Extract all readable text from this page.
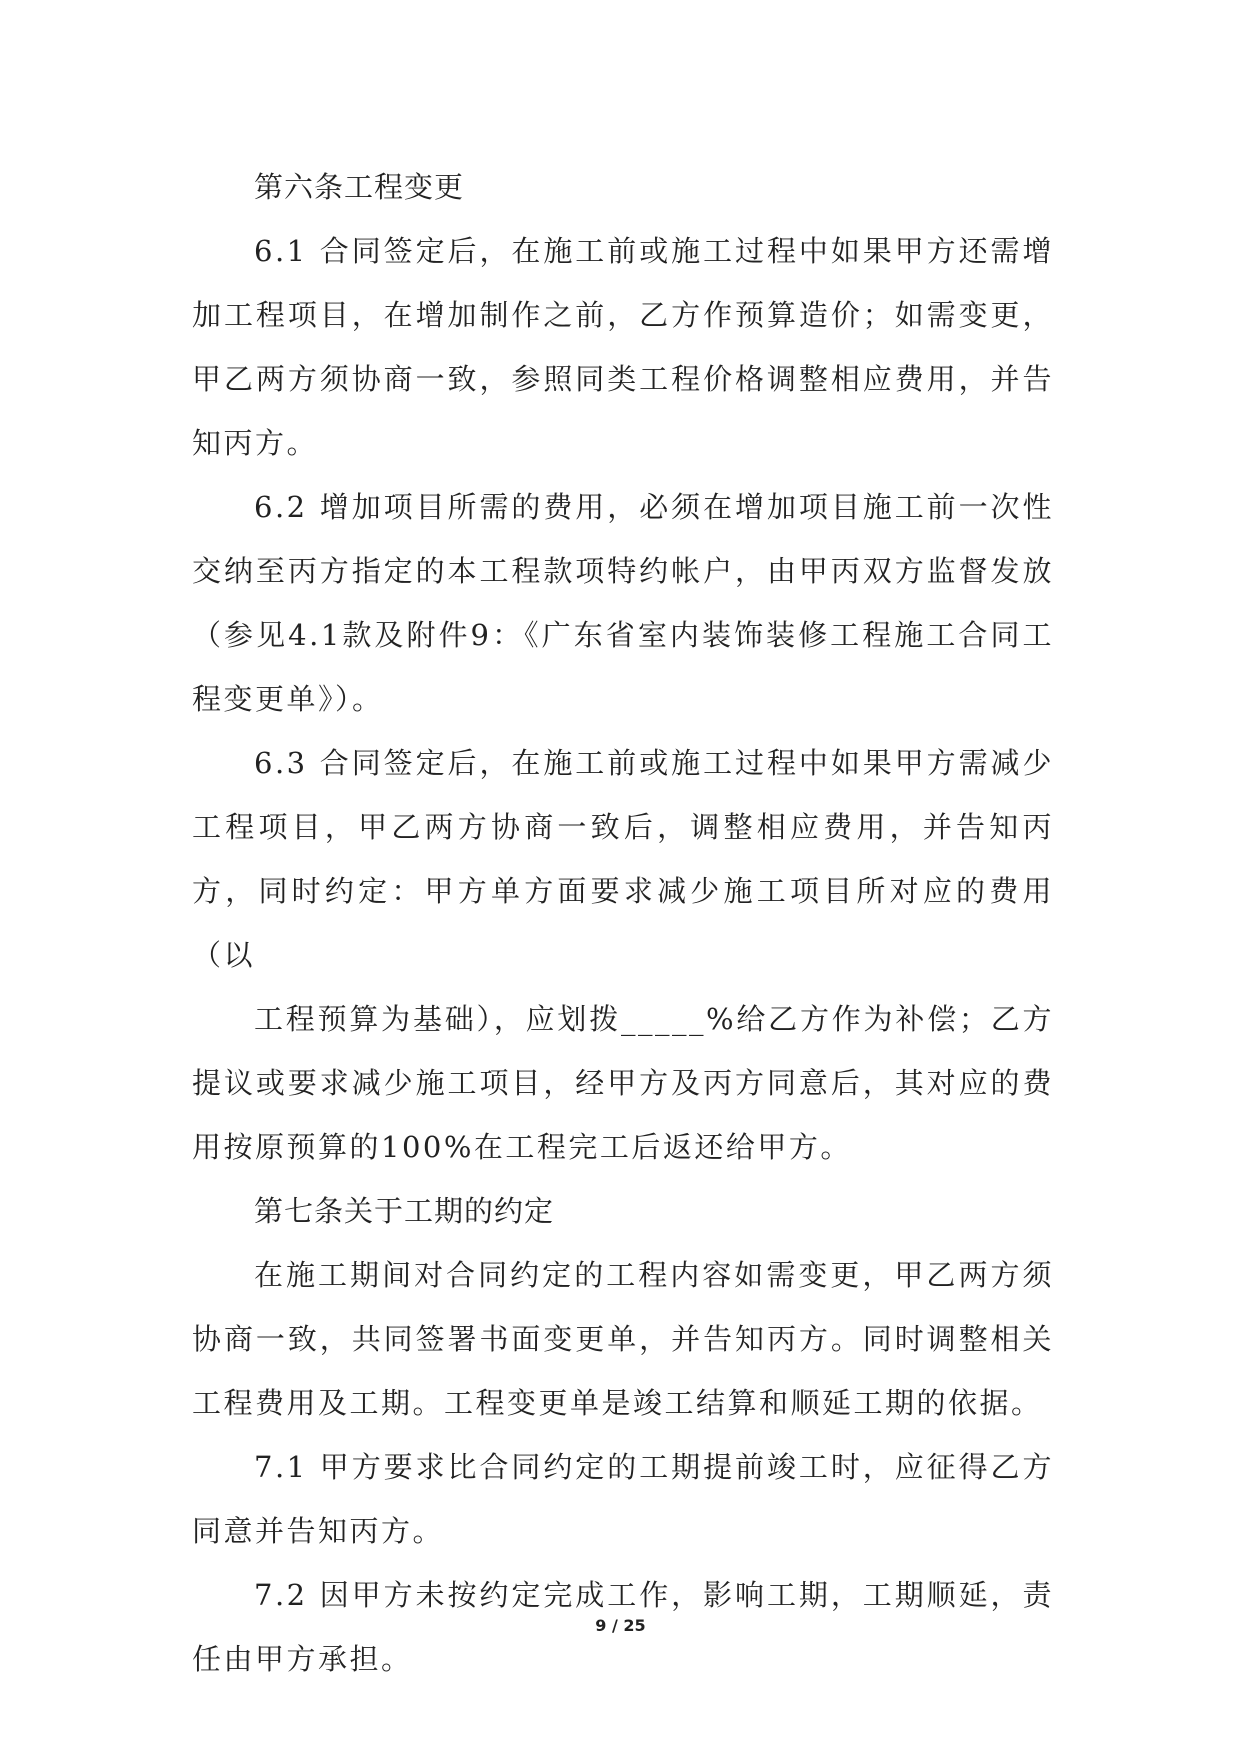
第六条工程变更

6.1 合同签定后，在施工前或施工过程中如果甲方还需增加工程项目，在增加制作之前，乙方作预算造价；如需变更，甲乙两方须协商一致，参照同类工程价格调整相应费用，并告知丙方。

6.2 增加项目所需的费用，必须在增加项目施工前一次性交纳至丙方指定的本工程款项特约帐户，由甲丙双方监督发放（参见4.1款及附件9：《广东省室内装饰装修工程施工合同工程变更单》）。

6.3 合同签定后，在施工前或施工过程中如果甲方需减少工程项目，甲乙两方协商一致后，调整相应费用，并告知丙方，同时约定：甲方单方面要求减少施工项目所对应的费用（以

工程预算为基础），应划拨_____%给乙方作为补偿；乙方提议或要求减少施工项目，经甲方及丙方同意后，其对应的费用按原预算的100%在工程完工后返还给甲方。

第七条关于工期的约定

在施工期间对合同约定的工程内容如需变更，甲乙两方须协商一致，共同签署书面变更单，并告知丙方。同时调整相关工程费用及工期。工程变更单是竣工结算和顺延工期的依据。

7.1 甲方要求比合同约定的工期提前竣工时，应征得乙方同意并告知丙方。

7.2 因甲方未按约定完成工作，影响工期，工期顺延，责任由甲方承担。

9 / 25
